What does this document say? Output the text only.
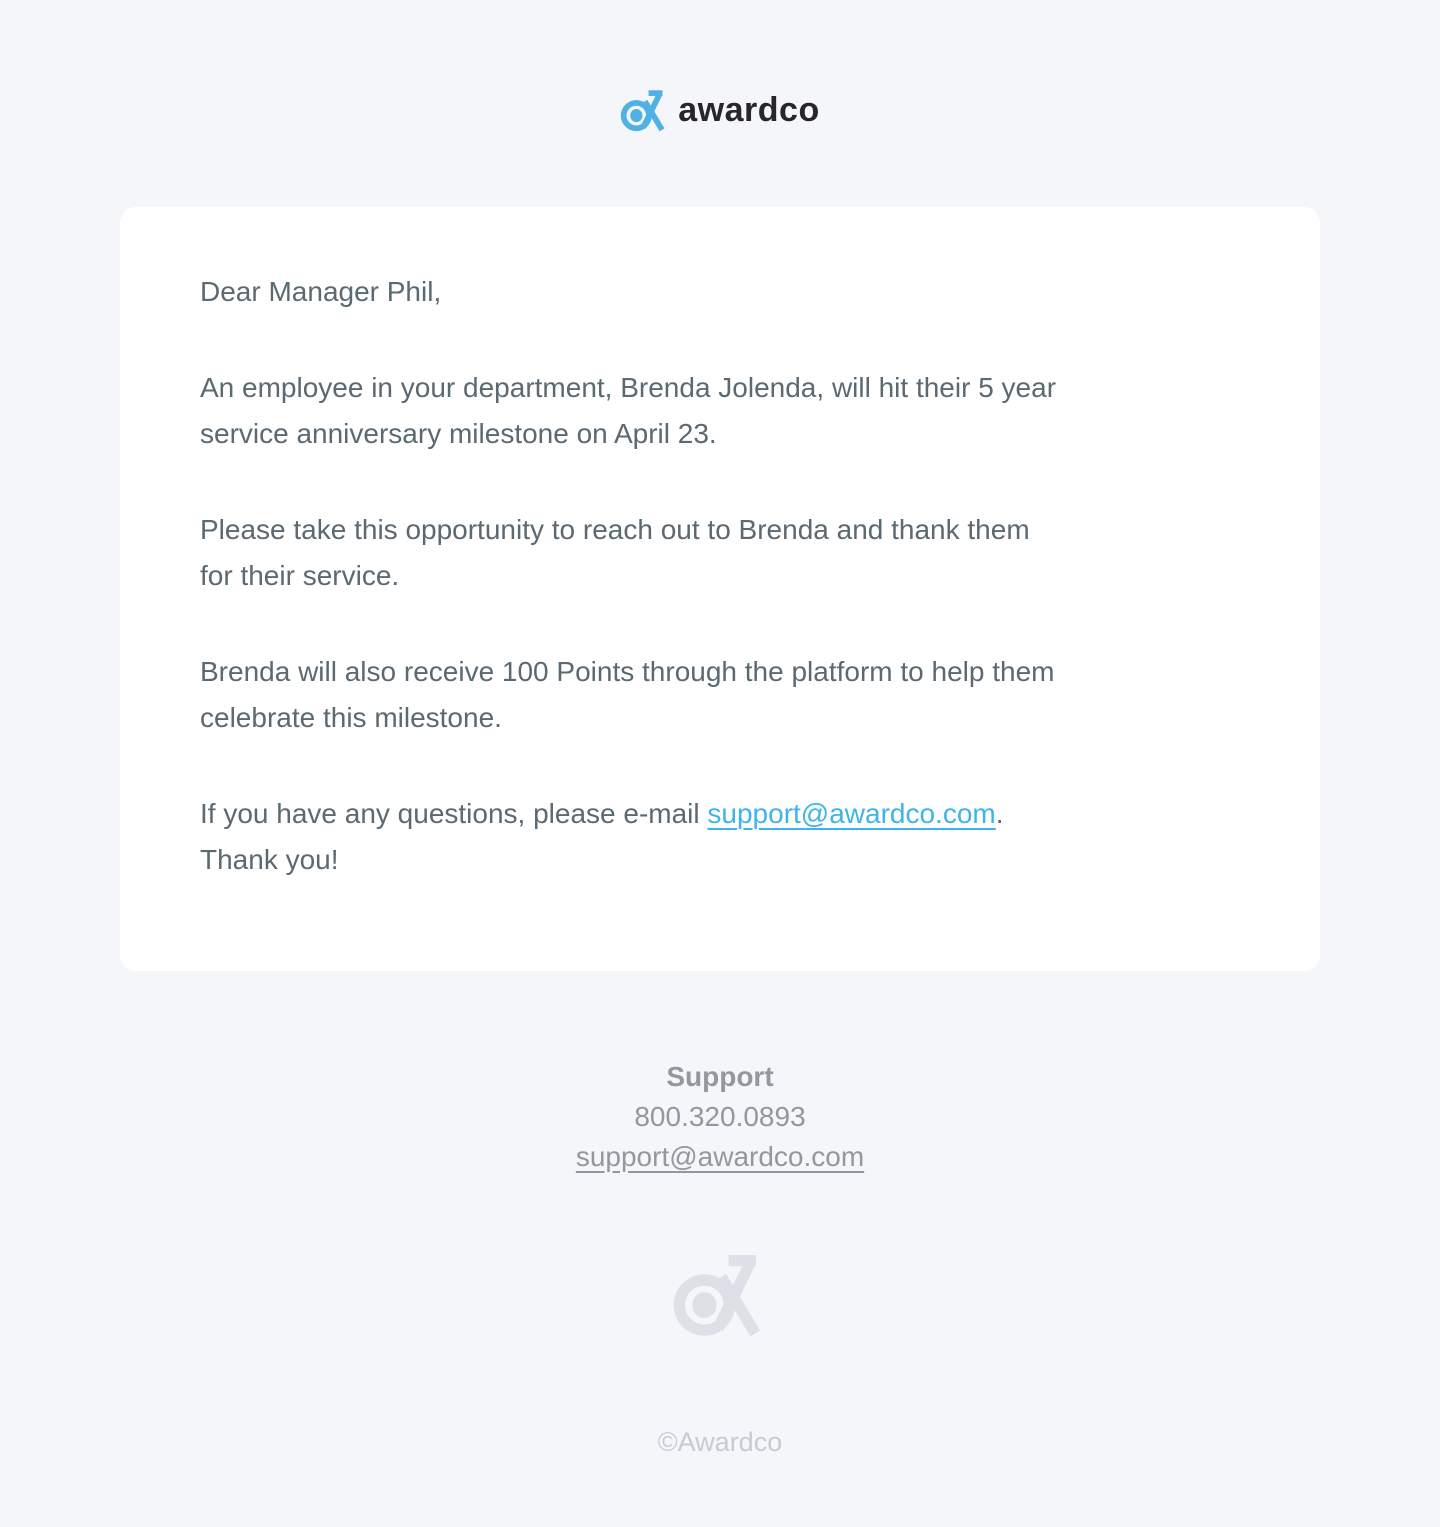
awardco

Dear Manager Phil,

An employee in your department, Brenda Jolenda, will hit their 5 year
service anniversary milestone on April 23.

Please take this opportunity to reach out to Brenda and thank them
for their service.

Brenda will also receive 100 Points through the platform to help them
celebrate this milestone.

If you have any questions, please e-mail support@awardco.com.
Thank you!

Support
800.320.0893
support@awardco.com
©Awardco
